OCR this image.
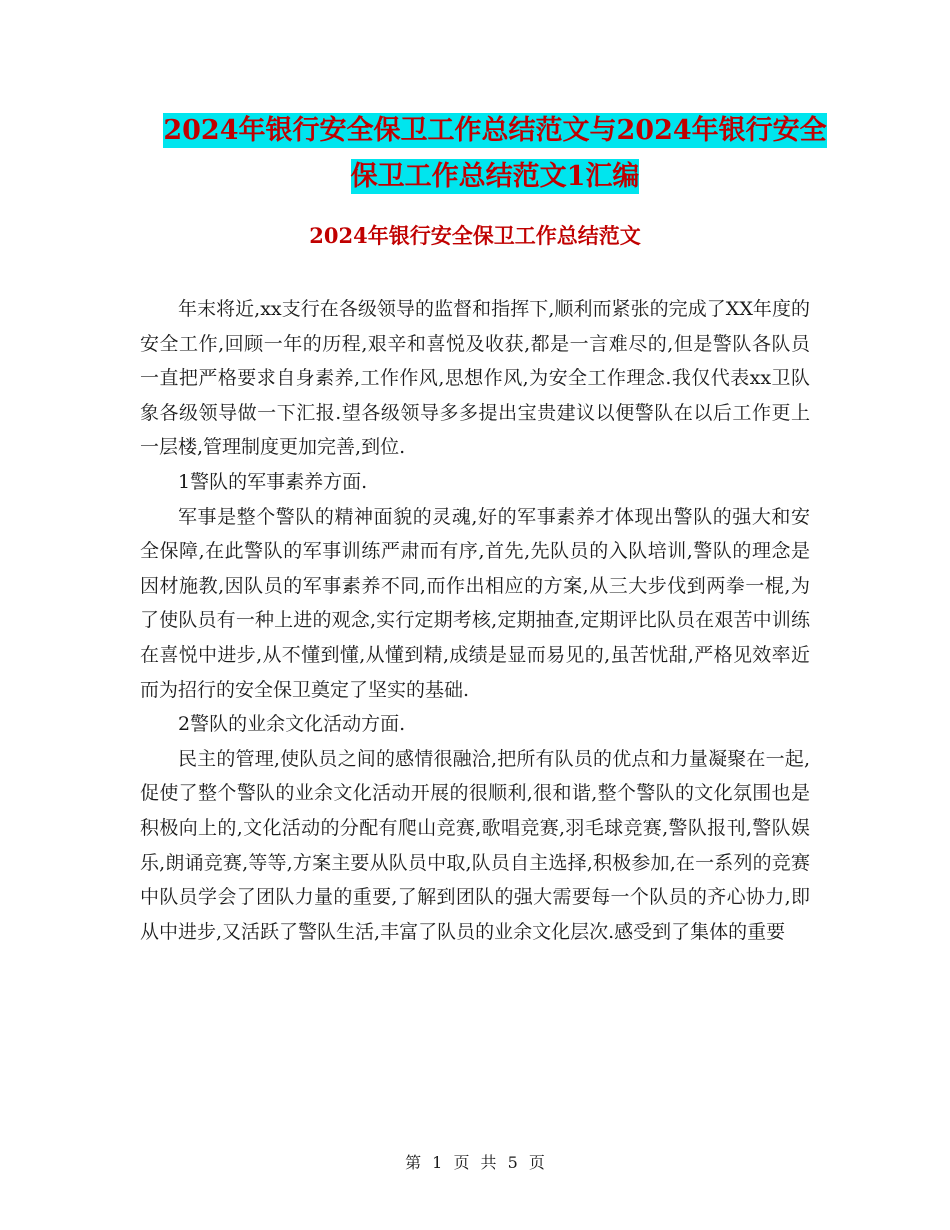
2024年银行安全保卫工作总结范文与2024年银行安全
保卫工作总结范文1汇编
2024年银行安全保卫工作总结范文

年末将近,xx支行在各级领导的监督和指挥下,顺利而紧张的完成了XX年度的安全工作,回顾一年的历程,艰辛和喜悦及收获,都是一言难尽的,但是警队各队员一直把严格要求自身素养,工作作风,思想作风,为安全工作理念.我仅代表xx卫队象各级领导做一下汇报.望各级领导多多提出宝贵建议以便警队在以后工作更上一层楼,管理制度更加完善,到位.

1警队的军事素养方面.

军事是整个警队的精神面貌的灵魂,好的军事素养才体现出警队的强大和安全保障,在此警队的军事训练严肃而有序,首先,先队员的入队培训,警队的理念是因材施教,因队员的军事素养不同,而作出相应的方案,从三大步伐到两拳一棍,为了使队员有一种上进的观念,实行定期考核,定期抽查,定期评比队员在艰苦中训练在喜悦中进步,从不懂到懂,从懂到精,成绩是显而易见的,虽苦忧甜,严格见效率近而为招行的安全保卫奠定了坚实的基础.

2警队的业余文化活动方面.

民主的管理,使队员之间的感情很融洽,把所有队员的优点和力量凝聚在一起,促使了整个警队的业余文化活动开展的很顺利,很和谐,整个警队的文化氛围也是积极向上的,文化活动的分配有爬山竞赛,歌唱竞赛,羽毛球竞赛,警队报刊,警队娱乐,朗诵竞赛,等等,方案主要从队员中取,队员自主选择,积极参加,在一系列的竞赛中队员学会了团队力量的重要,了解到团队的强大需要每一个队员的齐心协力,即从中进步,又活跃了警队生活,丰富了队员的业余文化层次.感受到了集体的重要

第 1 页 共 5 页
